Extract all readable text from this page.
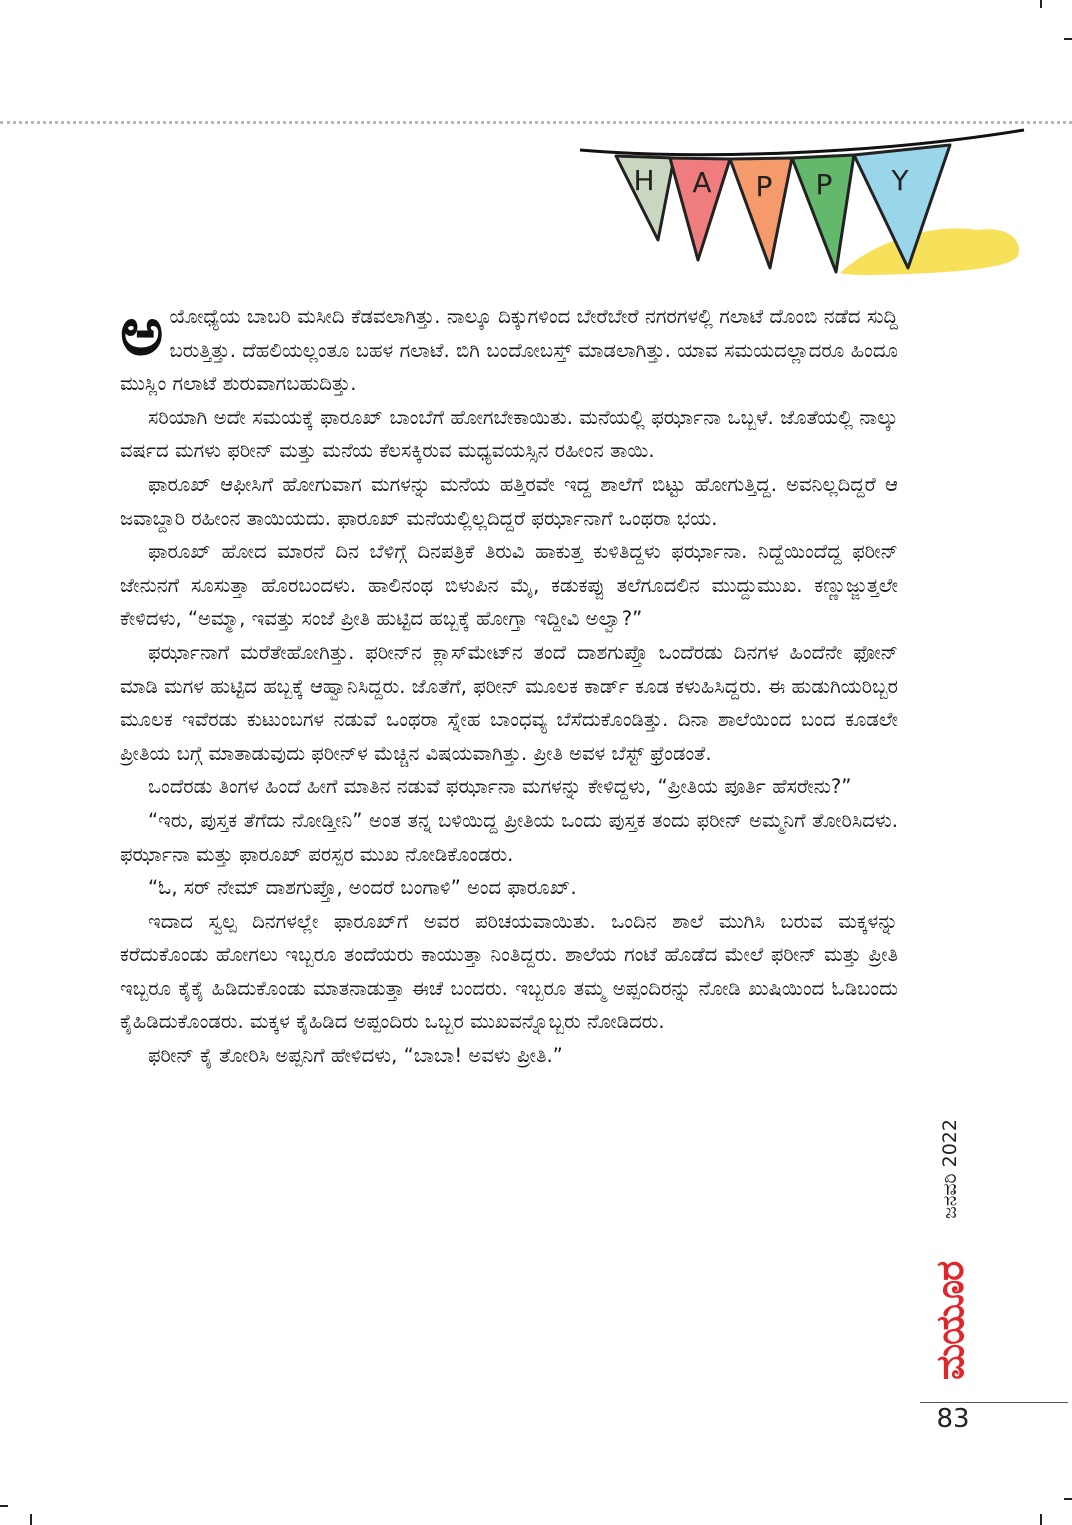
H A P P Y

ಅಯೋಧ್ಯೆಯ ಬಾಬರಿ ಮಸೀದಿ ಕೆಡವಲಾಗಿತ್ತು. ನಾಲ್ಕೂ ದಿಕ್ಕುಗಳಿಂದ ಬೇರೆಬೇರೆ ನಗರಗಳಲ್ಲಿ ಗಲಾಟೆ ದೊಂಬಿ ನಡೆದ ಸುದ್ದಿ ಬರುತ್ತಿತ್ತು. ದೆಹಲಿಯಲ್ಲಂತೂ ಬಹಳ ಗಲಾಟೆ. ಬಿಗಿ ಬಂದೋಬಸ್ತ್ ಮಾಡಲಾಗಿತ್ತು. ಯಾವ ಸಮಯದಲ್ಲಾದರೂ ಹಿಂದೂ ಮುಸ್ಲಿಂ ಗಲಾಟೆ ಶುರುವಾಗಬಹುದಿತ್ತು.

ಸರಿಯಾಗಿ ಅದೇ ಸಮಯಕ್ಕೆ ಫಾರೂಖ್ ಬಾಂಬೆಗೆ ಹೋಗಬೇಕಾಯಿತು. ಮನೆಯಲ್ಲಿ ಫರ್ಝಾನಾ ಒಬ್ಬಳೆ. ಜೊತೆಯಲ್ಲಿ ನಾಲ್ಕು ವರ್ಷದ ಮಗಳು ಫರೀನ್ ಮತ್ತು ಮನೆಯ ಕೆಲಸಕ್ಕಿರುವ ಮಧ್ಯವಯಸ್ಸಿನ ರಹೀಂನ ತಾಯಿ.

ಫಾರೂಖ್ ಆಫೀಸಿಗೆ ಹೋಗುವಾಗ ಮಗಳನ್ನು ಮನೆಯ ಹತ್ತಿರವೇ ಇದ್ದ ಶಾಲೆಗೆ ಬಿಟ್ಟು ಹೋಗುತ್ತಿದ್ದ. ಅವನಿಲ್ಲದಿದ್ದರೆ ಆ ಜವಾಬ್ದಾರಿ ರಹೀಂನ ತಾಯಿಯದು. ಫಾರೂಖ್ ಮನೆಯಲ್ಲಿಲ್ಲದಿದ್ದರೆ ಫರ್ಝಾನಾಗೆ ಒಂಥರಾ ಭಯ.

ಫಾರೂಖ್ ಹೋದ ಮಾರನೆ ದಿನ ಬೆಳಿಗ್ಗೆ ದಿನಪತ್ರಿಕೆ ತಿರುವಿ ಹಾಕುತ್ತ ಕುಳಿತಿದ್ದಳು ಫರ್ಝಾನಾ. ನಿದ್ದೆಯಿಂದೆದ್ದ ಫರೀನ್ ಜೇನುನಗೆ ಸೂಸುತ್ತಾ ಹೊರಬಂದಳು. ಹಾಲಿನಂಥ ಬಿಳುಪಿನ ಮೈ, ಕಡುಕಪ್ಪು ತಲೆಗೂದಲಿನ ಮುದ್ದುಮುಖ. ಕಣ್ಣುಜ್ಜುತ್ತಲೇ ಕೇಳಿದಳು, “ಅಮ್ಮಾ, ಇವತ್ತು ಸಂಜೆ ಪ್ರೀತಿ ಹುಟ್ಟಿದ ಹಬ್ಬಕ್ಕೆ ಹೋಗ್ತಾ ಇದ್ದೀವಿ ಅಲ್ವಾ?”

ಫರ್ಝಾನಾಗೆ ಮರೆತೇಹೋಗಿತ್ತು. ಫರೀನ್‌ನ ಕ್ಲಾಸ್‌ಮೇಟ್‌ನ ತಂದೆ ದಾಶಗುಪ್ತೊ ಒಂದೆರಡು ದಿನಗಳ ಹಿಂದೆನೇ ಫೋನ್ ಮಾಡಿ ಮಗಳ ಹುಟ್ಟಿದ ಹಬ್ಬಕ್ಕೆ ಆಹ್ವಾನಿಸಿದ್ದರು. ಜೊತೆಗೆ, ಫರೀನ್ ಮೂಲಕ ಕಾರ್ಡ್ ಕೂಡ ಕಳುಹಿಸಿದ್ದರು. ಈ ಹುಡುಗಿಯರಿಬ್ಬರ ಮೂಲಕ ಇವೆರಡು ಕುಟುಂಬಗಳ ನಡುವೆ ಒಂಥರಾ ಸ್ನೇಹ ಬಾಂಧವ್ಯ ಬೆಸೆದುಕೊಂಡಿತ್ತು. ದಿನಾ ಶಾಲೆಯಿಂದ ಬಂದ ಕೂಡಲೇ ಪ್ರೀತಿಯ ಬಗ್ಗೆ ಮಾತಾಡುವುದು ಫರೀನ್‌ಳ ಮೆಚ್ಚಿನ ವಿಷಯವಾಗಿತ್ತು. ಪ್ರೀತಿ ಅವಳ ಬೆಸ್ಟ್ ಫ್ರೆಂಡಂತೆ.

ಒಂದೆರಡು ತಿಂಗಳ ಹಿಂದೆ ಹೀಗೆ ಮಾತಿನ ನಡುವೆ ಫರ್ಝಾನಾ ಮಗಳನ್ನು ಕೇಳಿದ್ದಳು, “ಪ್ರೀತಿಯ ಪೂರ್ತಿ ಹೆಸರೇನು?”

“ಇರು, ಪುಸ್ತಕ ತೆಗೆದು ನೋಡ್ತೀನಿ” ಅಂತ ತನ್ನ ಬಳಿಯಿದ್ದ ಪ್ರೀತಿಯ ಒಂದು ಪುಸ್ತಕ ತಂದು ಫರೀನ್ ಅಮ್ಮನಿಗೆ ತೋರಿಸಿದಳು. ಫರ್ಝಾನಾ ಮತ್ತು ಫಾರೂಖ್ ಪರಸ್ಪರ ಮುಖ ನೋಡಿಕೊಂಡರು.

“ಓ, ಸರ್ ನೇಮ್ ದಾಶಗುಪ್ತೊ, ಅಂದರೆ ಬಂಗಾಳಿ” ಅಂದ ಫಾರೂಖ್.

ಇದಾದ ಸ್ವಲ್ಪ ದಿನಗಳಲ್ಲೇ ಫಾರೂಖ್‌ಗೆ ಅವರ ಪರಿಚಯವಾಯಿತು. ಒಂದಿನ ಶಾಲೆ ಮುಗಿಸಿ ಬರುವ ಮಕ್ಕಳನ್ನು ಕರೆದುಕೊಂಡು ಹೋಗಲು ಇಬ್ಬರೂ ತಂದೆಯರು ಕಾಯುತ್ತಾ ನಿಂತಿದ್ದರು. ಶಾಲೆಯ ಗಂಟೆ ಹೊಡೆದ ಮೇಲೆ ಫರೀನ್ ಮತ್ತು ಪ್ರೀತಿ ಇಬ್ಬರೂ ಕೈಕೈ ಹಿಡಿದುಕೊಂಡು ಮಾತನಾಡುತ್ತಾ ಈಚೆ ಬಂದರು. ಇಬ್ಬರೂ ತಮ್ಮ ಅಪ್ಪಂದಿರನ್ನು ನೋಡಿ ಖುಷಿಯಿಂದ ಓಡಿಬಂದು ಕೈಹಿಡಿದುಕೊಂಡರು. ಮಕ್ಕಳ ಕೈಹಿಡಿದ ಅಪ್ಪಂದಿರು ಒಬ್ಬರ ಮುಖವನ್ನೊಬ್ಬರು ನೋಡಿದರು.

ಫರೀನ್ ಕೈ ತೋರಿಸಿ ಅಪ್ಪನಿಗೆ ಹೇಳಿದಳು, “ಬಾಬಾ! ಅವಳು ಪ್ರೀತಿ.”

ಜನವರಿ 2022
ಮಯೂರ
83
